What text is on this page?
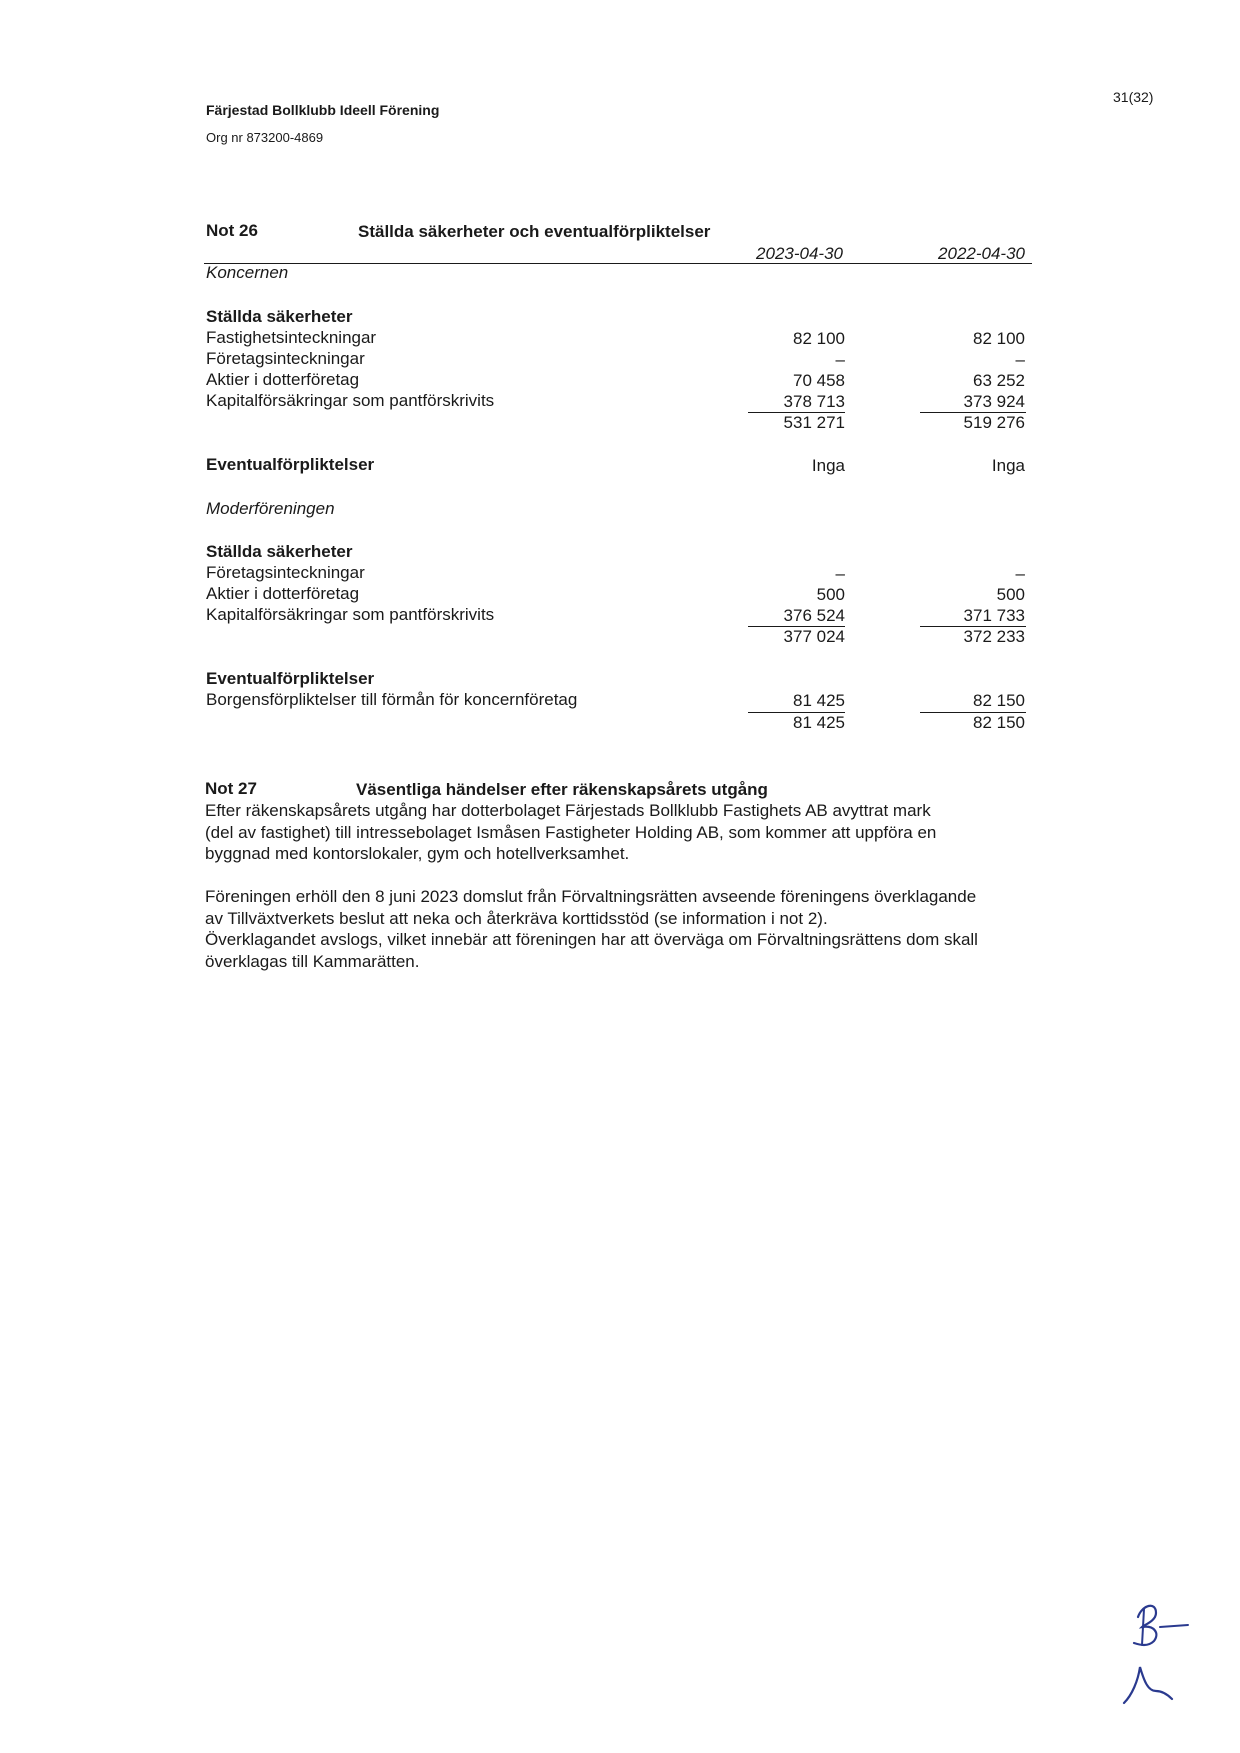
Färjestad Bollklubb Ideell Förening
Org nr 873200-4869
31(32)
Not 26	Ställda säkerheter och eventualförpliktelser
2023-04-30	2022-04-30
Koncernen
Ställda säkerheter
Fastighetsinteckningar	82 100	82 100
Företagsinteckningar	–	–
Aktier i dotterföretag	70 458	63 252
Kapitalförsäkringar som pantförskrivits	378 713	373 924
531 271	519 276
Eventualförpliktelser	Inga	Inga
Moderföreningen
Ställda säkerheter
Företagsinteckningar	–	–
Aktier i dotterföretag	500	500
Kapitalförsäkringar som pantförskrivits	376 524	371 733
377 024	372 233
Eventualförpliktelser
Borgensförpliktelser till förmån för koncernföretag	81 425	82 150
81 425	82 150
Not 27	Väsentliga händelser efter räkenskapsårets utgång
Efter räkenskapsårets utgång har dotterbolaget Färjestads Bollklubb Fastighets AB avyttrat mark
(del av fastighet) till intressebolaget Ismåsen Fastigheter Holding AB, som kommer att uppföra en
byggnad med kontorslokaler, gym och hotellverksamhet.
Föreningen erhöll den 8 juni 2023 domslut från Förvaltningsrätten avseende föreningens överklagande
av Tillväxtverkets beslut att neka och återkräva korttidsstöd (se information i not 2).
Överklagandet avslogs, vilket innebär att föreningen har att överväga om Förvaltningsrättens dom skall
överklagas till Kammarätten.
